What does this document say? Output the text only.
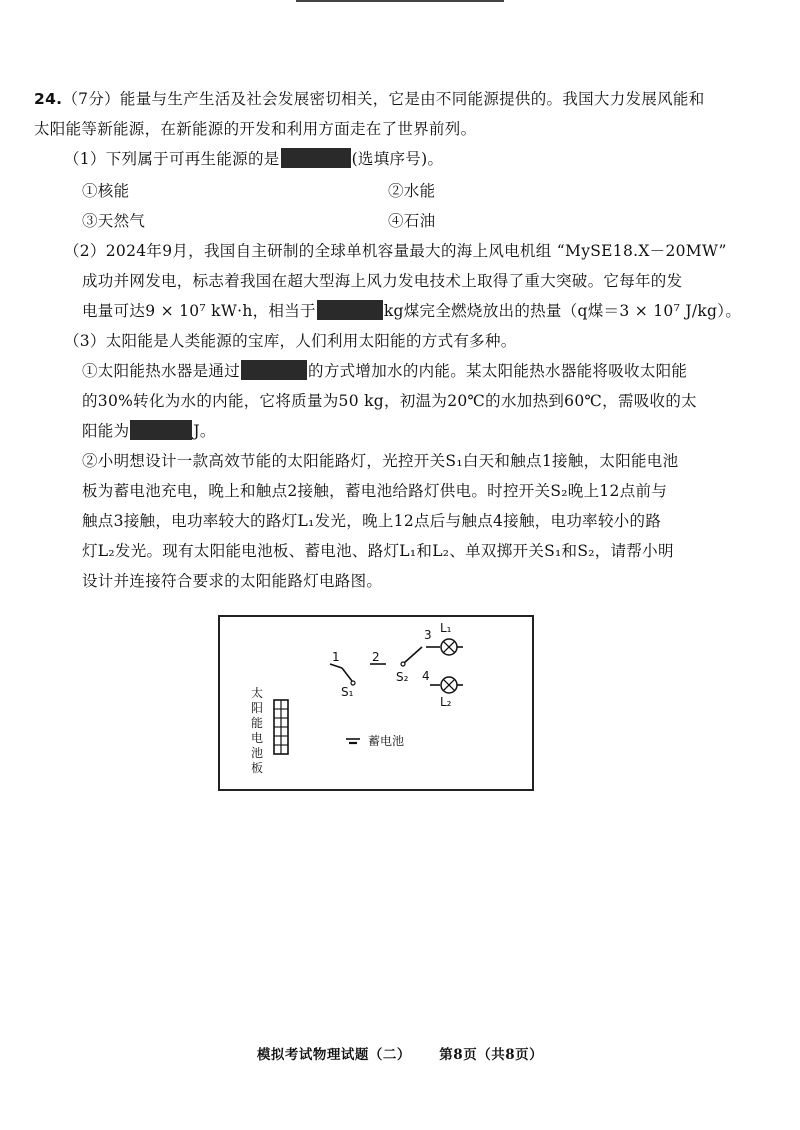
24.（7分）能量与生产生活及社会发展密切相关，它是由不同能源提供的。我国大力发展风能和

太阳能等新能源，在新能源的开发和利用方面走在了世界前列。

（1）下列属于可再生能源的是	(选填序号)。

①核能	②水能
③天然气	④石油

（2）2024年9月，我国自主研制的全球单机容量最大的海上风电机组 “MySE18.X－20MW”

成功并网发电，标志着我国在超大型海上风力发电技术上取得了重大突破。它每年的发

电量可达9 × 10⁷ kW·h，相当于	kg煤完全燃烧放出的热量（q煤＝3 × 10⁷ J/kg）。

（3）太阳能是人类能源的宝库，人们利用太阳能的方式有多种。

①太阳能热水器是通过	的方式增加水的内能。某太阳能热水器能将吸收太阳能

的30%转化为水的内能，它将质量为50 kg，初温为20℃的水加热到60℃，需吸收的太

阳能为	J。

②小明想设计一款高效节能的太阳能路灯，光控开关S₁白天和触点1接触，太阳能电池

板为蓄电池充电，晚上和触点2接触，蓄电池给路灯供电。时控开关S₂晚上12点前与

触点3接触，电功率较大的路灯L₁发光，晚上12点后与触点4接触，电功率较小的路

灯L₂发光。现有太阳能电池板、蓄电池、路灯L₁和L₂、单双掷开关S₁和S₂，请帮小明

设计并连接符合要求的太阳能路灯电路图。

1
S₁
2
S₂
3 L₁
4
L₂
太
阳
能
电
池
板
蓄电池
模拟考试物理试题（二） 第8页（共8页）
